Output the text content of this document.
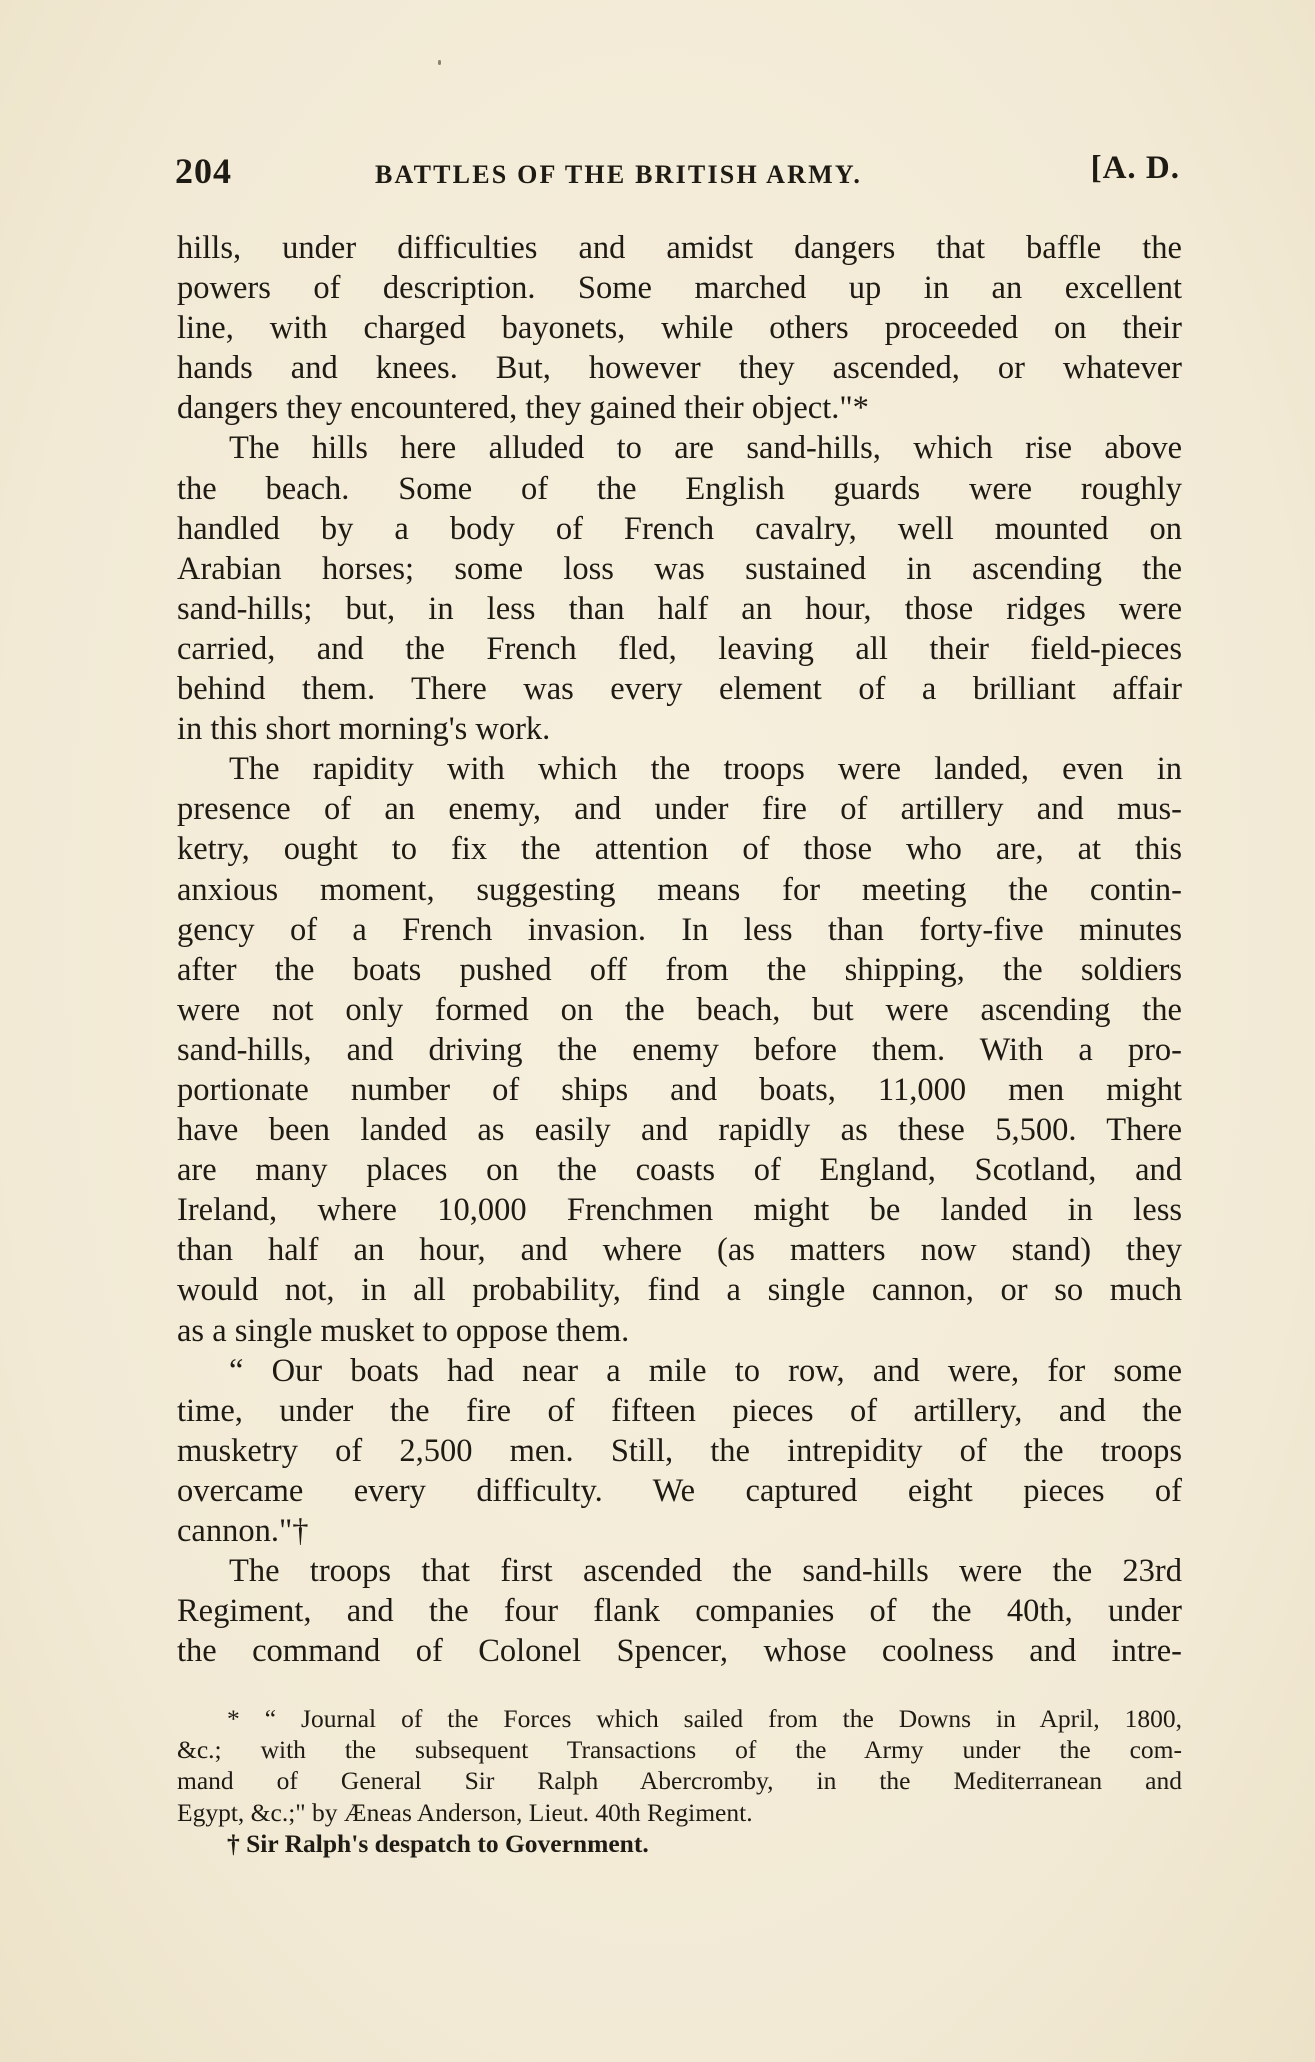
204	BATTLES OF THE BRITISH ARMY.	[A. D.
hills, under difficulties and amidst dangers that baffle the
powers of description. Some marched up in an excellent
line, with charged bayonets, while others proceeded on their
hands and knees. But, however they ascended, or whatever
dangers they encountered, they gained their object."*
The hills here alluded to are sand-hills, which rise above
the beach. Some of the English guards were roughly
handled by a body of French cavalry, well mounted on
Arabian horses; some loss was sustained in ascending the
sand-hills; but, in less than half an hour, those ridges were
carried, and the French fled, leaving all their field-pieces
behind them. There was every element of a brilliant affair
in this short morning's work.
The rapidity with which the troops were landed, even in
presence of an enemy, and under fire of artillery and mus-
ketry, ought to fix the attention of those who are, at this
anxious moment, suggesting means for meeting the contin-
gency of a French invasion. In less than forty-five minutes
after the boats pushed off from the shipping, the soldiers
were not only formed on the beach, but were ascending the
sand-hills, and driving the enemy before them. With a pro-
portionate number of ships and boats, 11,000 men might
have been landed as easily and rapidly as these 5,500. There
are many places on the coasts of England, Scotland, and
Ireland, where 10,000 Frenchmen might be landed in less
than half an hour, and where (as matters now stand) they
would not, in all probability, find a single cannon, or so much
as a single musket to oppose them.
“ Our boats had near a mile to row, and were, for some
time, under the fire of fifteen pieces of artillery, and the
musketry of 2,500 men. Still, the intrepidity of the troops
overcame every difficulty. We captured eight pieces of
cannon."†
The troops that first ascended the sand-hills were the 23rd
Regiment, and the four flank companies of the 40th, under
the command of Colonel Spencer, whose coolness and intre-
* “ Journal of the Forces which sailed from the Downs in April, 1800,
&c.; with the subsequent Transactions of the Army under the com-
mand of General Sir Ralph Abercromby, in the Mediterranean and
Egypt, &c.;" by Æneas Anderson, Lieut. 40th Regiment.
† Sir Ralph's despatch to Government.
